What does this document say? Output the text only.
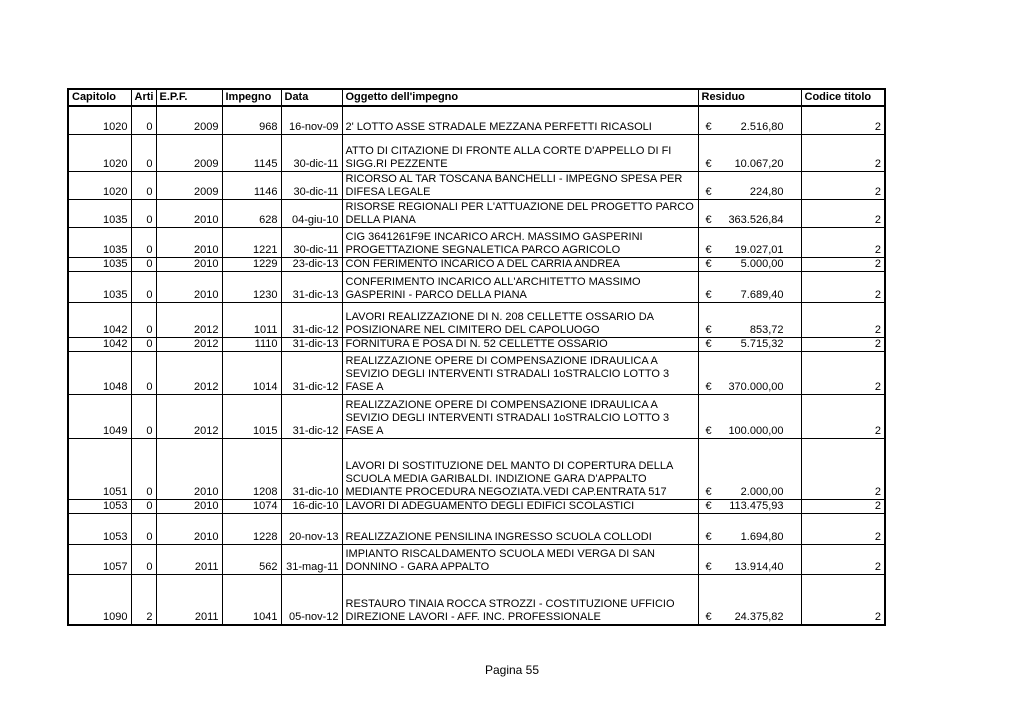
Capitolo	Arti	E.P.F.	Impegno	Data	Oggetto dell'impegno	Residuo	Codice titolo
1020	0	2009	968	16-nov-09	2' LOTTO ASSE STRADALE MEZZANA PERFETTI RICASOLI	€ 2.516,80	2
1020	0	2009	1145	30-dic-11	ATTO DI CITAZIONE DI FRONTE ALLA CORTE D'APPELLO DI FI SIGG.RI PEZZENTE	€ 10.067,20	2
1020	0	2009	1146	30-dic-11	RICORSO AL TAR TOSCANA BANCHELLI - IMPEGNO SPESA PER DIFESA LEGALE	€ 224,80	2
1035	0	2010	628	04-giu-10	RISORSE REGIONALI PER L'ATTUAZIONE DEL PROGETTO PARCO DELLA PIANA	€ 363.526,84	2
1035	0	2010	1221	30-dic-11	CIG 3641261F9E INCARICO ARCH. MASSIMO GASPERINI PROGETTAZIONE SEGNALETICA PARCO AGRICOLO	€ 19.027,01	2
1035	0	2010	1229	23-dic-13	CON FERIMENTO INCARICO A DEL CARRIA ANDREA	€ 5.000,00	2
1035	0	2010	1230	31-dic-13	CONFERIMENTO INCARICO ALL'ARCHITETTO MASSIMO GASPERINI - PARCO DELLA PIANA	€ 7.689,40	2
1042	0	2012	1011	31-dic-12	LAVORI REALIZZAZIONE DI N. 208 CELLETTE OSSARIO DA POSIZIONARE NEL CIMITERO DEL CAPOLUOGO	€ 853,72	2
1042	0	2012	1110	31-dic-13	FORNITURA E POSA DI N. 52 CELLETTE OSSARIO	€ 5.715,32	2
1048	0	2012	1014	31-dic-12	REALIZZAZIONE OPERE DI COMPENSAZIONE IDRAULICA A SEVIZIO DEGLI INTERVENTI STRADALI 1oSTRALCIO LOTTO 3 FASE A	€ 370.000,00	2
1049	0	2012	1015	31-dic-12	REALIZZAZIONE OPERE DI COMPENSAZIONE IDRAULICA A SEVIZIO DEGLI INTERVENTI STRADALI 1oSTRALCIO LOTTO 3 FASE A	€ 100.000,00	2
1051	0	2010	1208	31-dic-10	LAVORI DI SOSTITUZIONE DEL MANTO DI COPERTURA DELLA SCUOLA MEDIA GARIBALDI. INDIZIONE GARA D'APPALTO MEDIANTE PROCEDURA NEGOZIATA.VEDI CAP.ENTRATA 517	€ 2.000,00	2
1053	0	2010	1074	16-dic-10	LAVORI DI ADEGUAMENTO DEGLI EDIFICI SCOLASTICI	€ 113.475,93	2
1053	0	2010	1228	20-nov-13	REALIZZAZIONE PENSILINA INGRESSO SCUOLA COLLODI	€ 1.694,80	2
1057	0	2011	562	31-mag-11	IMPIANTO RISCALDAMENTO SCUOLA MEDI VERGA DI SAN DONNINO - GARA APPALTO	€ 13.914,40	2
1090	2	2011	1041	05-nov-12	RESTAURO TINAIA ROCCA STROZZI - COSTITUZIONE UFFICIO DIREZIONE LAVORI - AFF. INC. PROFESSIONALE	€ 24.375,82	2
Pagina 55
